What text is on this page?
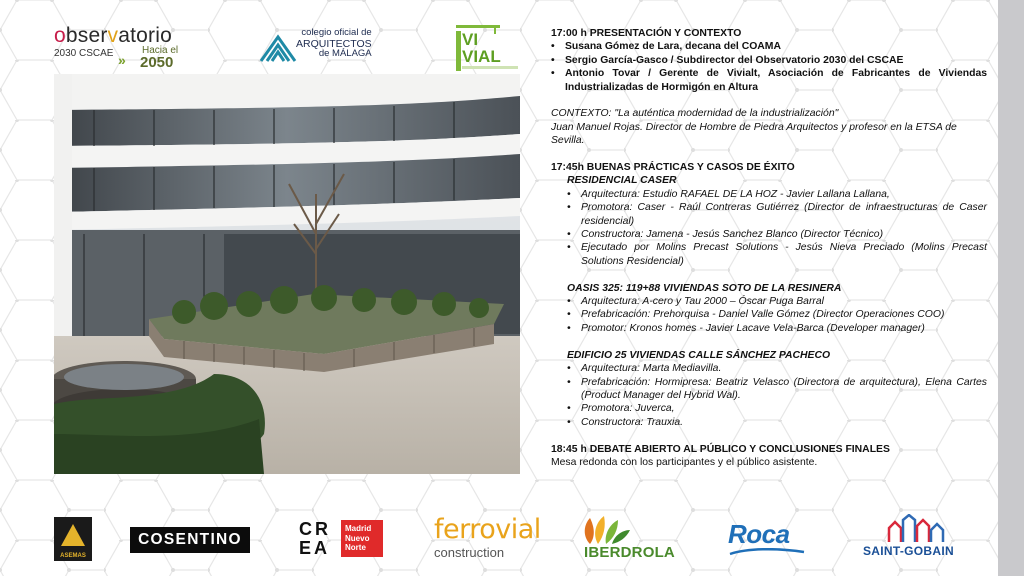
observatorio
2030 CSCAE »
Hacia el
2050
colegio oficial de
ARQUITECTOS
de MÁLAGA
VI
VIAL

17:00 h PRESENTACIÓN Y CONTEXTO

• Susana Gómez de Lara, decana del COAMA
• Sergio García-Gasco / Subdirector del Observatorio 2030 del CSCAE
• Antonio Tovar / Gerente de Vivialt, Asociación de Fabricantes de Viviendas Industrializadas de Hormigón en Altura

CONTEXTO: "La auténtica modernidad de la industrialización"

Juan Manuel Rojas. Director de Hombre de Piedra Arquitectos y profesor en la ETSA de Sevilla.

17:45h BUENAS PRÁCTICAS Y CASOS DE ÉXITO

RESIDENCIAL CASER

• Arquitectura: Estudio RAFAEL DE LA HOZ - Javier Lallana Lallana,
• Promotora: Caser - Raúl Contreras Gutiérrez (Director de infraestructuras de Caser residencial)
• Constructora: Jamena - Jesús Sanchez Blanco (Director Técnico)
• Ejecutado por Molins Precast Solutions - Jesús Nieva Preciado (Molins Precast Solutions Residencial)

OASIS 325: 119+88 VIVIENDAS SOTO DE LA RESINERA

• Arquitectura: A-cero y Tau 2000 – Óscar Puga Barral
• Prefabricación: Prehorquisa - Daniel Valle Gómez (Director Operaciones COO)
• Promotor: Kronos homes - Javier Lacave Vela-Barca (Developer manager)

EDIFICIO 25 VIVIENDAS CALLE SÁNCHEZ PACHECO

• Arquitectura: Marta Mediavilla.
• Prefabricación: Hormipresa: Beatriz Velasco (Directora de arquitectura), Elena Cartes (Product Manager del Hybrid Wal).
• Promotora: Juverca,
• Constructora: Trauxia.

18:45 h DEBATE ABIERTO AL PÚBLICO Y CONCLUSIONES FINALES

Mesa redonda con los participantes y el público asistente.

ASEMAS
COSENTINO
CR
EA
Madrid
Nuevo
Norte
ferrovial
construction	IBERDROLA
Roca
SAINT-GOBAIN
